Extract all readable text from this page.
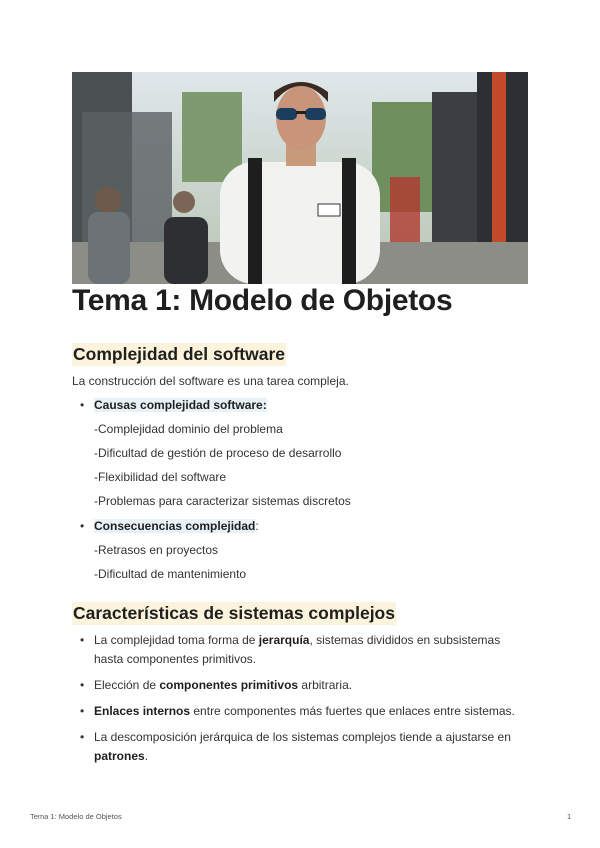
Tema 1: Modelo de Objetos
Complejidad del software

La construcción del software es una tarea compleja.

• Causas complejidad software:
-Complejidad dominio del problema
-Dificultad de gestión de proceso de desarrollo
-Flexibilidad del software
-Problemas para caracterizar sistemas discretos
• Consecuencias complejidad:
-Retrasos en proyectos
-Dificultad de mantenimiento
Características de sistemas complejos
• La complejidad toma forma de jerarquía, sistemas divididos en subsistemas hasta componentes primitivos.
• Elección de componentes primitivos arbitraria.
• Enlaces internos entre componentes más fuertes que enlaces entre sistemas.
• La descomposición jerárquica de los sistemas complejos tiende a ajustarse en patrones.
Tema 1: Modelo de Objetos	1
